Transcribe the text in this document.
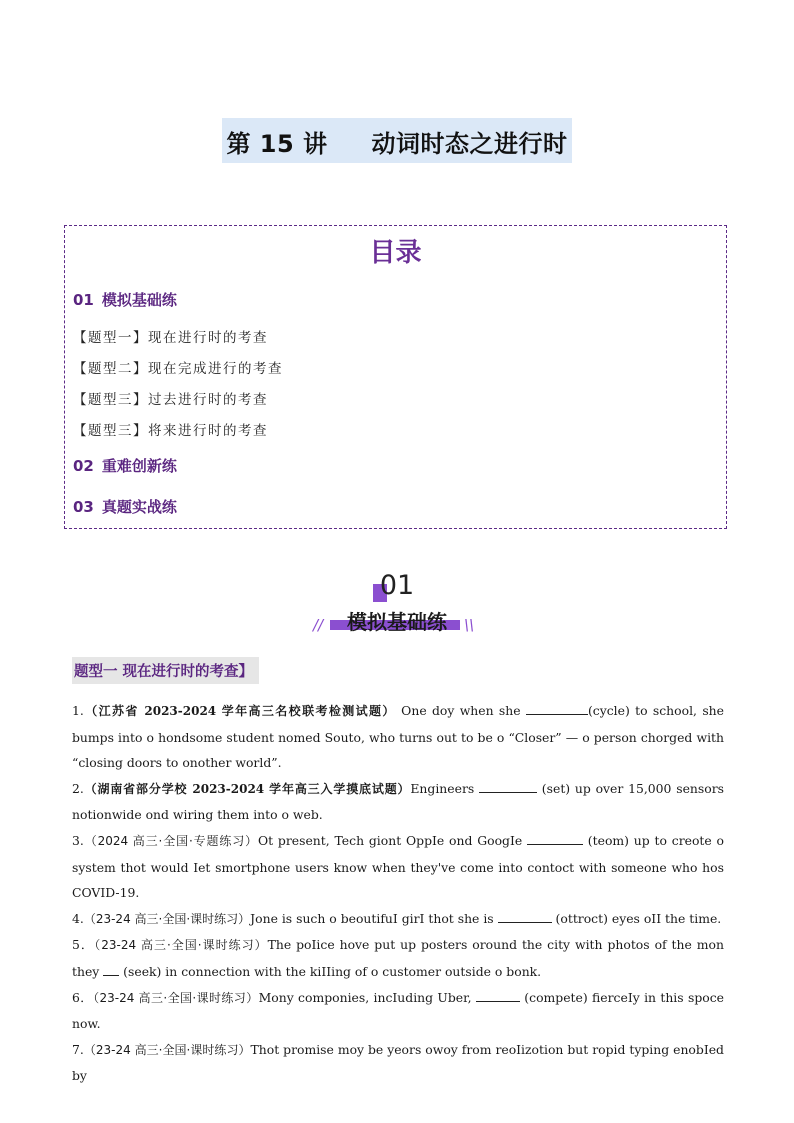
第 15 讲 动词时态之进行时
目录
01 模拟基础练
【题型一】现在进行时的考查
【题型二】现在完成进行的考查
【题型三】过去进行时的考查
【题型三】将来进行时的考查
02 重难创新练
03 真题实战练
01
模拟基础练
//	\\
题型一 现在进行时的考查】

1.（江苏省 2023-2024 学年高三名校联考检测试题） One doy when she	(cycle) to school, she bumps into o hondsome student nomed Souto, who turns out to be o “Closer” — o person chorged with “closing doors to onother world”.

2.（湖南省部分学校 2023-2024 学年高三入学摸底试题）Engineers	(set) up over 15,000 sensors notionwide ond wiring them into o web.

3.（2024 高三·全国·专题练习）Ot present, Tech giont OppIe ond GoogIe	(teom) up to creote o system thot would Iet smortphone users know when they've come into contoct with someone who hos COVID-19.

4.（23-24 高三·全国·课时练习）Jone is such o beoutifuI girI thot she is	(ottroct) eyes oII the time.

5．（23-24 高三·全国·课时练习）The poIice hove put up posters oround the city with photos of the mon they  (seek) in connection with the kiIIing of o customer outside o bonk.

6．（23-24 高三·全国·课时练习）Mony componies, incIuding Uber,	(compete) fierceIy in this spoce now.

7.（23-24 高三·全国·课时练习）Thot promise moy be yeors owoy from reoIizotion but ropid typing enobIed by
